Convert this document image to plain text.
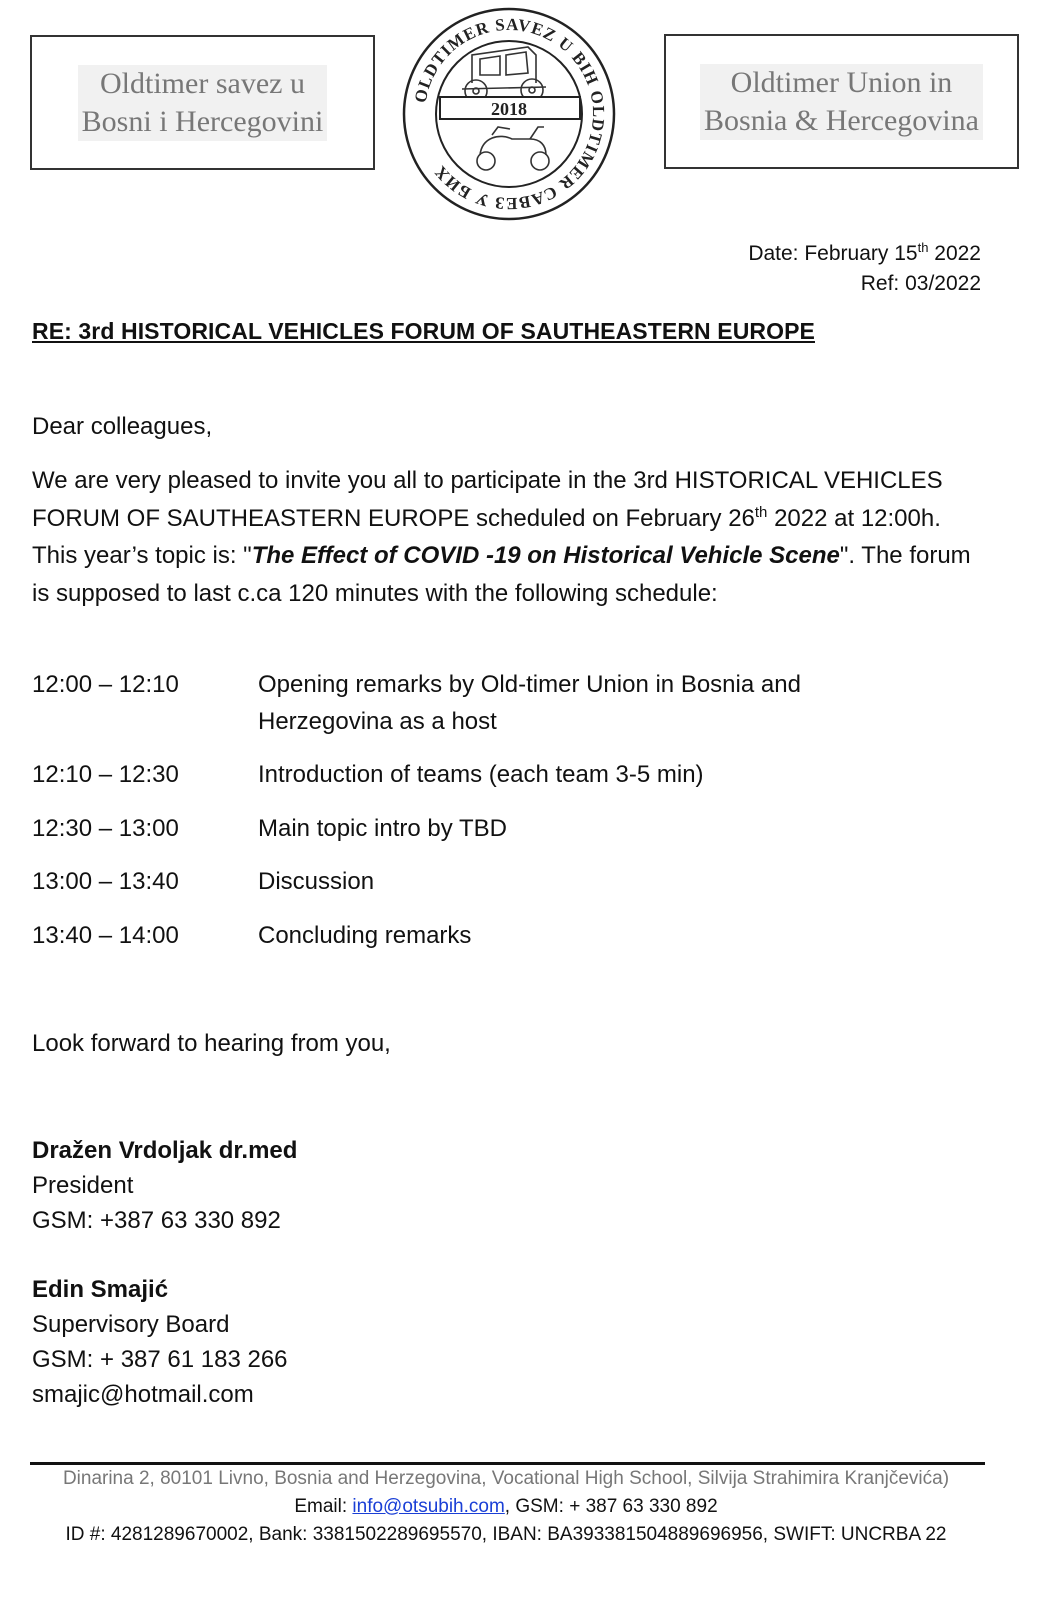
Oldtimer savez u
Bosni i Hercegovini
Oldtimer Union in
Bosnia & Hercegovina
OLDTIMER SAVEZ U BIH OLDTIMER САВЕЗ У БИХ
2018
Date: February 15th 2022
Ref: 03/2022
RE: 3rd HISTORICAL VEHICLES FORUM OF SAUTHEASTERN EUROPE
Dear colleagues,
We are very pleased to invite you all to participate in the 3rd HISTORICAL VEHICLES FORUM OF SAUTHEASTERN EUROPE scheduled on February 26th 2022 at 12:00h. This year’s topic is: "The Effect of COVID -19 on Historical Vehicle Scene". The forum is supposed to last c.ca 120 minutes with the following schedule:
12:00 – 12:10	Opening remarks by Old-timer Union in Bosnia and Herzegovina as a host
12:10 – 12:30	Introduction of teams (each team 3-5 min)
12:30 – 13:00	Main topic intro by TBD
13:00 – 13:40	Discussion
13:40 – 14:00	Concluding remarks
Look forward to hearing from you,
Dražen Vrdoljak dr.med
President
GSM: +387 63 330 892
Edin Smajić
Supervisory Board
GSM: + 387 61 183 266
smajic@hotmail.com
Dinarina 2, 80101 Livno, Bosnia and Herzegovina, Vocational High School, Silvija Strahimira Kranjčevića)
Email: info@otsubih.com, GSM: + 387 63 330 892
ID #: 4281289670002, Bank: 3381502289695570, IBAN: BA393381504889696956, SWIFT: UNCRBA 22
